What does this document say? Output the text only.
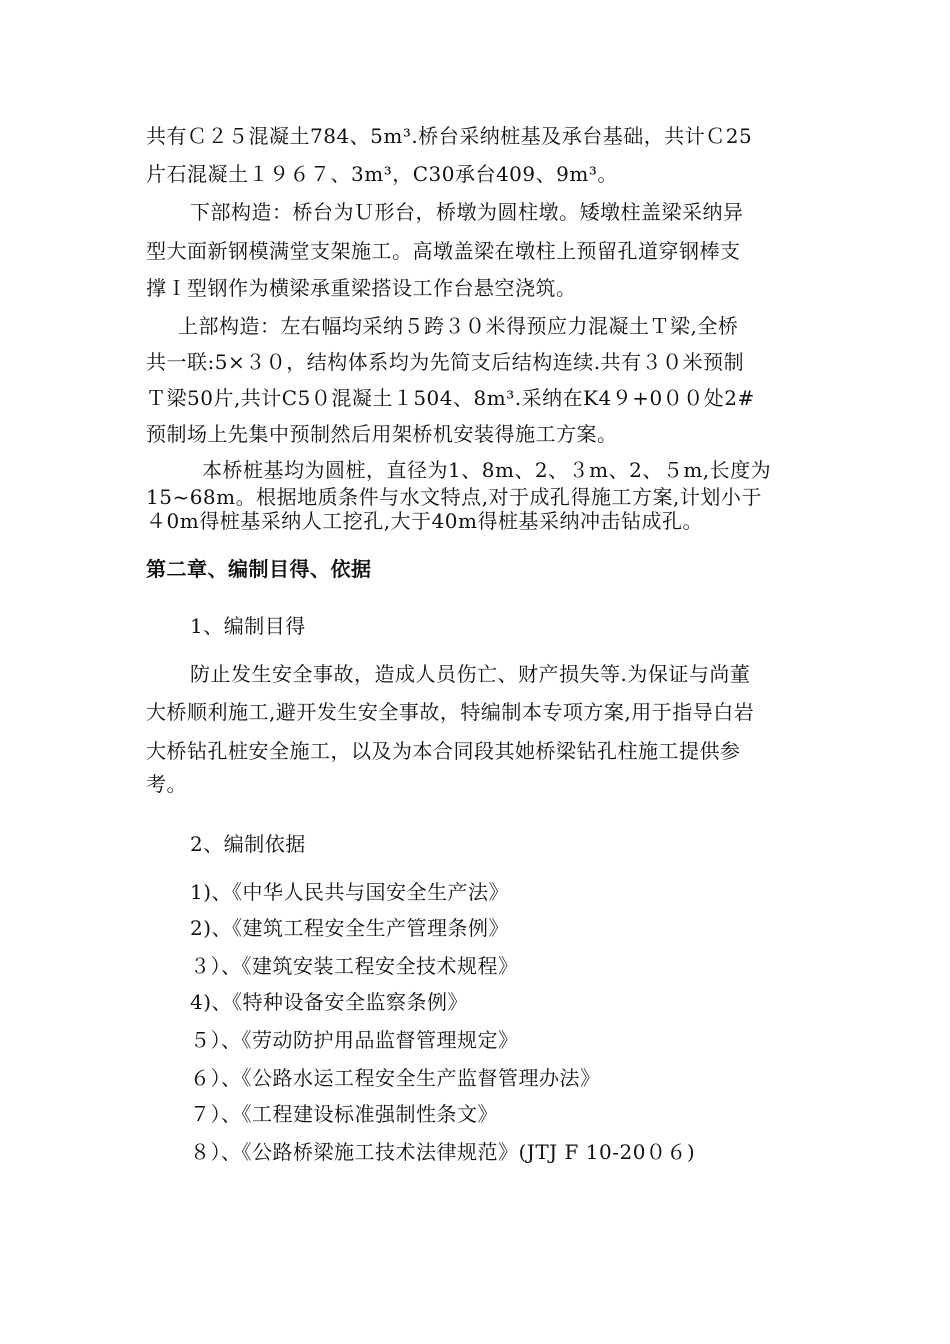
共有Ｃ２５混凝土784、5m³.桥台采纳桩基及承台基础，共计Ｃ25
片石混凝土１９６７、3m³，C30承台409、9m³。
下部构造：桥台为Ｕ形台，桥墩为圆柱墩。矮墩柱盖梁采纳异
型大面新钢模满堂支架施工。高墩盖梁在墩柱上预留孔道穿钢棒支
撑Ｉ型钢作为横梁承重梁搭设工作台悬空浇筑。
上部构造：左右幅均采纳５跨３０米得预应力混凝土Ｔ梁,全桥
共一联:5×３０，结构体系均为先简支后结构连续.共有３０米预制
Ｔ梁50片,共计C5０混凝土１504、8m³.采纳在K4９+0００处2#
预制场上先集中预制然后用架桥机安装得施工方案。
本桥桩基均为圆桩，直径为1、8m、2、３m、2、５m,长度为
15~68m。根据地质条件与水文特点,对于成孔得施工方案,计划小于
４0m得桩基采纳人工挖孔,大于40m得桩基采纳冲击钻成孔。
第二章、编制目得、依据
1、编制目得
防止发生安全事故，造成人员伤亡、财产损失等.为保证与尚董
大桥顺利施工,避开发生安全事故，特编制本专项方案,用于指导白岩
大桥钻孔桩安全施工，以及为本合同段其她桥梁钻孔柱施工提供参
考。
2、编制依据
1)、《中华人民共与国安全生产法》
2)、《建筑工程安全生产管理条例》
３）、《建筑安装工程安全技术规程》
4)、《特种设备安全监察条例》
５）、《劳动防护用品监督管理规定》
６）、《公路水运工程安全生产监督管理办法》
７）、《工程建设标准强制性条文》
８）、《公路桥梁施工技术法律规范》(JTJ F 10-20０６)
